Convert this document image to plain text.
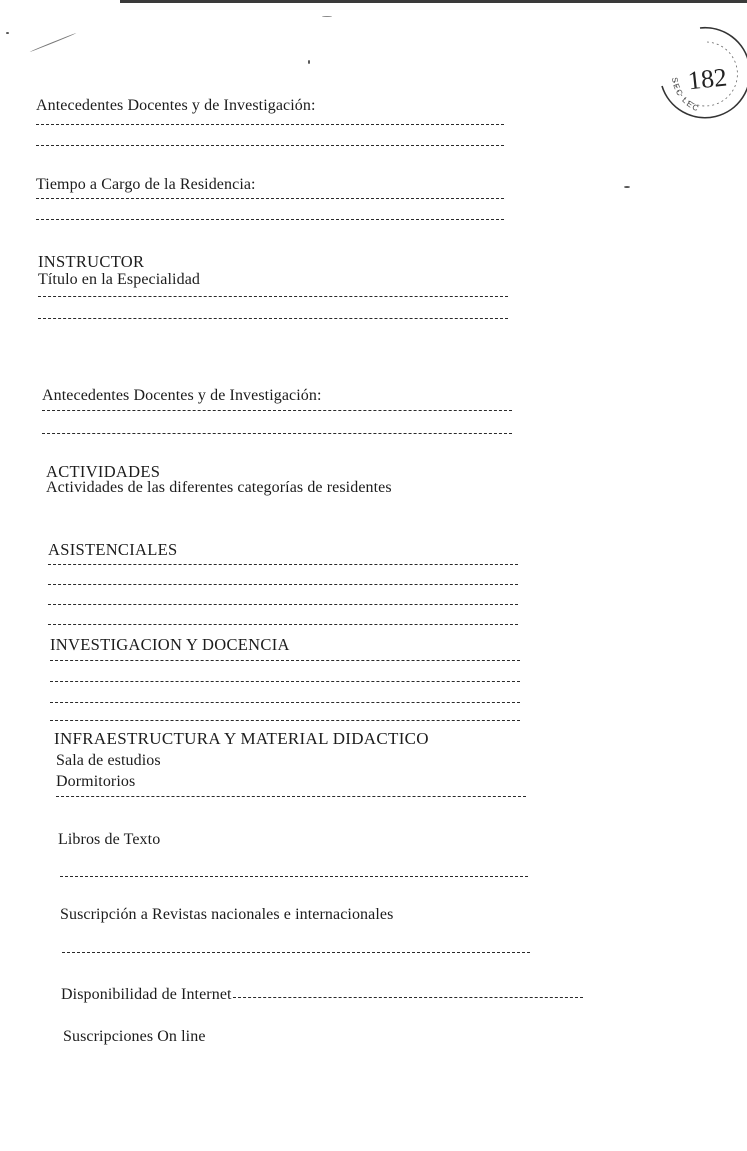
182
SEC LEC
Antecedentes Docentes y de Investigación:
Tiempo a Cargo de la Residencia:
INSTRUCTOR
Título en la Especialidad
Antecedentes Docentes y de Investigación:
ACTIVIDADES
Actividades de las diferentes categorías de residentes
ASISTENCIALES
INVESTIGACION Y DOCENCIA
INFRAESTRUCTURA Y MATERIAL DIDACTICO
Sala de estudios
Dormitorios
Libros de Texto
Suscripción a Revistas nacionales e internacionales
Disponibilidad de Internet
Suscripciones On line
